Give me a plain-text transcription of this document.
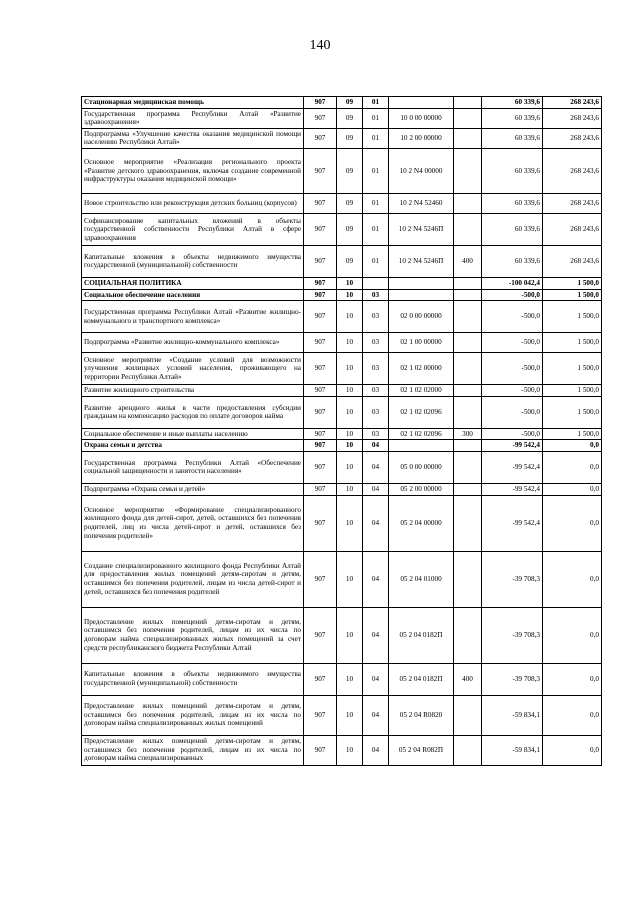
140
Стационарная медицинская помощь	907	09	01			60 339,6	268 243,6
Государственная программа Республики Алтай «Развитие здравоохранения»	907	09	01	10 0 00 00000		60 339,6	268 243,6
Подпрограмма «Улучшение качества оказания медицинской помощи населению Республики Алтай»	907	09	01	10 2 00 00000		60 339,6	268 243,6
Основное мероприятие «Реализация регионального проекта «Развитие детского здравоохранения, включая создание современной инфраструктуры оказания медицинской помощи»	907	09	01	10 2 N4 00000		60 339,6	268 243,6
Новое строительство или реконструкция детских больниц (корпусов)	907	09	01	10 2 N4 52460		60 339,6	268 243,6
Софинансирование капитальных вложений в объекты государственной собственности Республики Алтай в сфере здравоохранения	907	09	01	10 2 N4 5246П		60 339,6	268 243,6
Капитальные вложения в объекты недвижимого имущества государственной (муниципальной) собственности	907	09	01	10 2 N4 5246П	400	60 339,6	268 243,6
СОЦИАЛЬНАЯ ПОЛИТИКА	907	10				-100 042,4	1 500,0
Социальное обеспечение населения	907	10	03			-500,0	1 500,0
Государственная программа Республики Алтай «Развитие жилищно-коммунального и транспортного комплекса»	907	10	03	02 0 00 00000		-500,0	1 500,0
Подпрограмма «Развитие жилищно-коммунального комплекса»	907	10	03	02 1 00 00000		-500,0	1 500,0
Основное мероприятие «Создание условий для возможности улучшения жилищных условий населения, проживающего на территории Республики Алтай»	907	10	03	02 1 02 00000		-500,0	1 500,0
Развитие жилищного строительства	907	10	03	02 1 02 02000		-500,0	1 500,0
Развитие арендного жилья в части предоставления субсидии гражданам на компенсацию расходов по оплате договоров найма	907	10	03	02 1 02 02096		-500,0	1 500,0
Социальное обеспечение и иные выплаты населению	907	10	03	02 1 02 02096	300	-500,0	1 500,0
Охрана семьи и детства	907	10	04			-99 542,4	0,0
Государственная программа Республики Алтай «Обеспечение социальной защищенности и занятости населения»	907	10	04	05 0 00 00000		-99 542,4	0,0
Подпрограмма «Охрана семьи и детей»	907	10	04	05 2 00 00000		-99 542,4	0,0
Основное мероприятие «Формирование специализированного жилищного фонда для детей-сирот, детей, оставшихся без попечения родителей, лиц из числа детей-сирот и детей, оставшихся без попечения родителей»	907	10	04	05 2 04 00000		-99 542,4	0,0
Создание специализированного жилищного фонда Республики Алтай для предоставления жилых помещений детям-сиротам и детям, оставшимся без попечения родителей, лицам из числа детей-сирот и детей, оставшихся без попечения родителей	907	10	04	05 2 04 01000		-39 708,3	0,0
Предоставление жилых помещений детям-сиротам и детям, оставшимся без попечения родителей, лицам из их числа по договорам найма специализированных жилых помещений за счет средств республиканского бюджета Республики Алтай	907	10	04	05 2 04 0182П		-39 708,3	0,0
Капитальные вложения в объекты недвижимого имущества государственной (муниципальной) собственности	907	10	04	05 2 04 0182П	400	-39 708,3	0,0
Предоставление жилых помещений детям-сиротам и детям, оставшимся без попечения родителей, лицам из их числа по договорам найма специализированных жилых помещений	907	10	04	05 2 04 R0820		-59 834,1	0,0
Предоставление жилых помещений детям-сиротам и детям, оставшимся без попечения родителей, лицам из их числа по договорам найма специализированных	907	10	04	05 2 04 R082П		-59 834,1	0,0
